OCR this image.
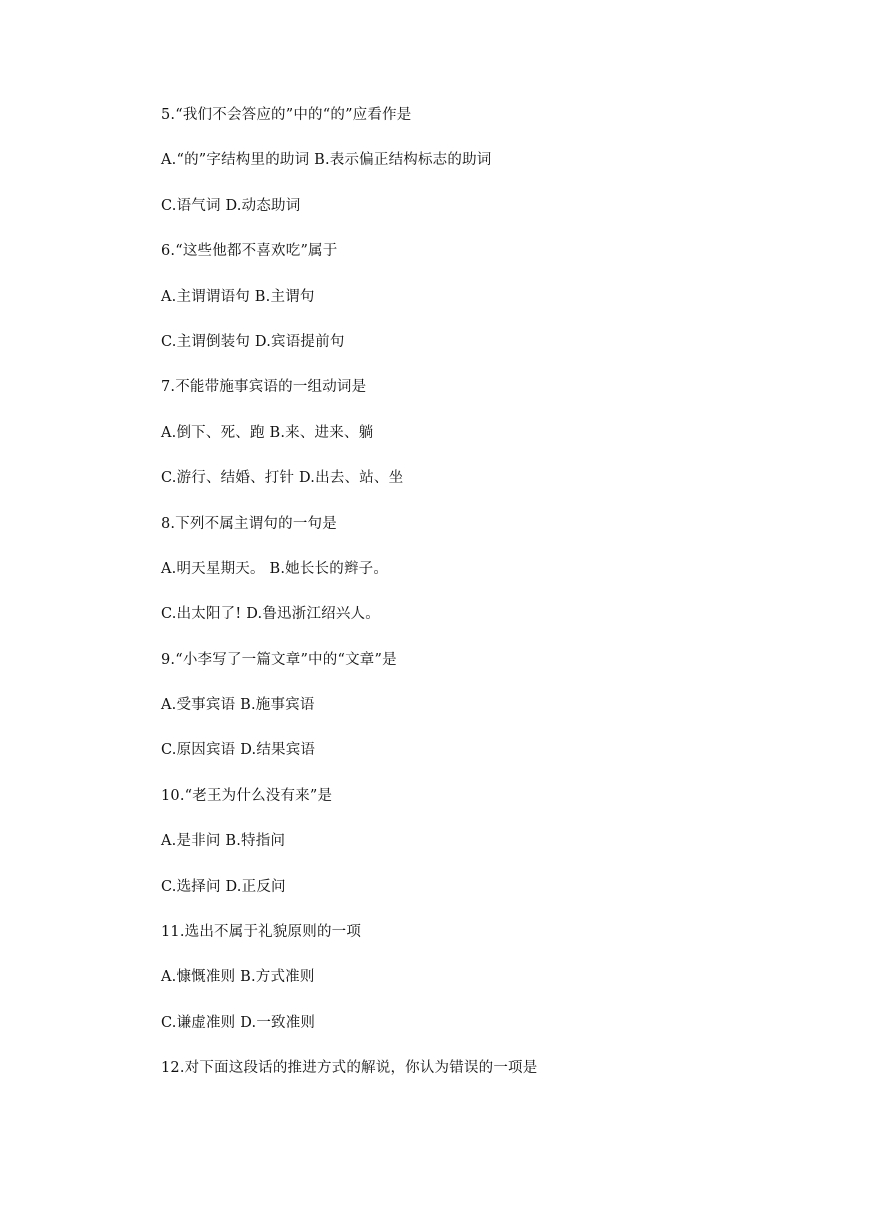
5.“我们不会答应的”中的“的”应看作是
A.“的”字结构里的助词 B.表示偏正结构标志的助词
C.语气词 D.动态助词
6.“这些他都不喜欢吃”属于
A.主谓谓语句 B.主谓句
C.主谓倒装句 D.宾语提前句
7.不能带施事宾语的一组动词是
A.倒下、死、跑 B.来、进来、躺
C.游行、结婚、打针 D.出去、站、坐
8.下列不属主谓句的一句是
A.明天星期天。 B.她长长的辫子。
C.出太阳了! D.鲁迅浙江绍兴人。
9.“小李写了一篇文章”中的“文章”是
A.受事宾语 B.施事宾语
C.原因宾语 D.结果宾语
10.“老王为什么没有来”是
A.是非问 B.特指问
C.选择问 D.正反问
11.选出不属于礼貌原则的一项
A.慷慨准则 B.方式准则
C.谦虚准则 D.一致准则
12.对下面这段话的推进方式的解说，你认为错误的一项是
